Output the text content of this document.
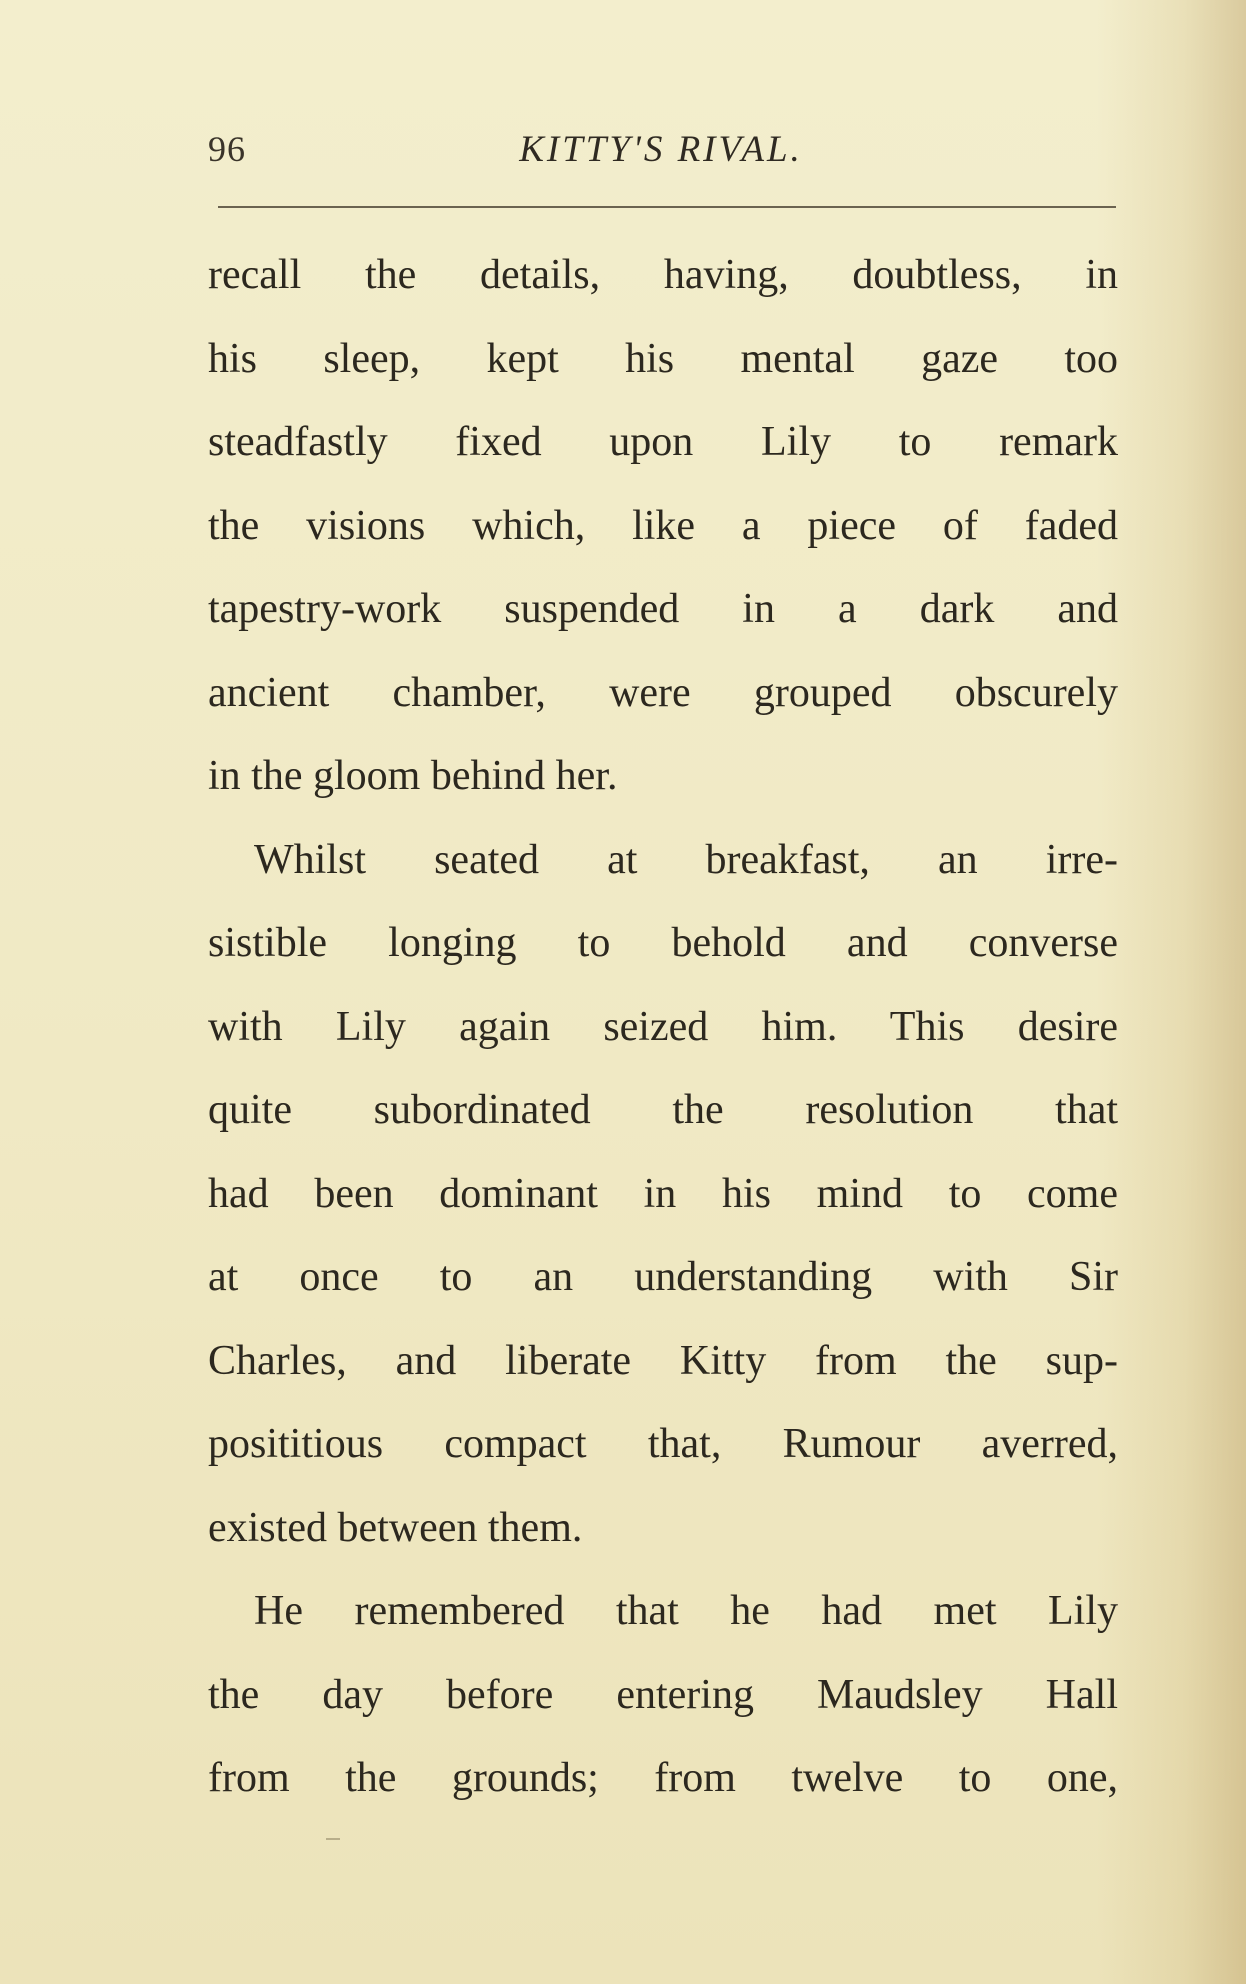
96	KITTY'S RIVAL.
recall the details, having, doubtless, in
his sleep, kept his mental gaze too
steadfastly fixed upon Lily to remark
the visions which, like a piece of faded
tapestry-work suspended in a dark and
ancient chamber, were grouped obscurely
in the gloom behind her.
Whilst seated at breakfast, an irre-
sistible longing to behold and converse
with Lily again seized him. This desire
quite subordinated the resolution that
had been dominant in his mind to come
at once to an understanding with Sir
Charles, and liberate Kitty from the sup-
posititious compact that, Rumour averred,
existed between them.
He remembered that he had met Lily
the day before entering Maudsley Hall
from the grounds; from twelve to one,
